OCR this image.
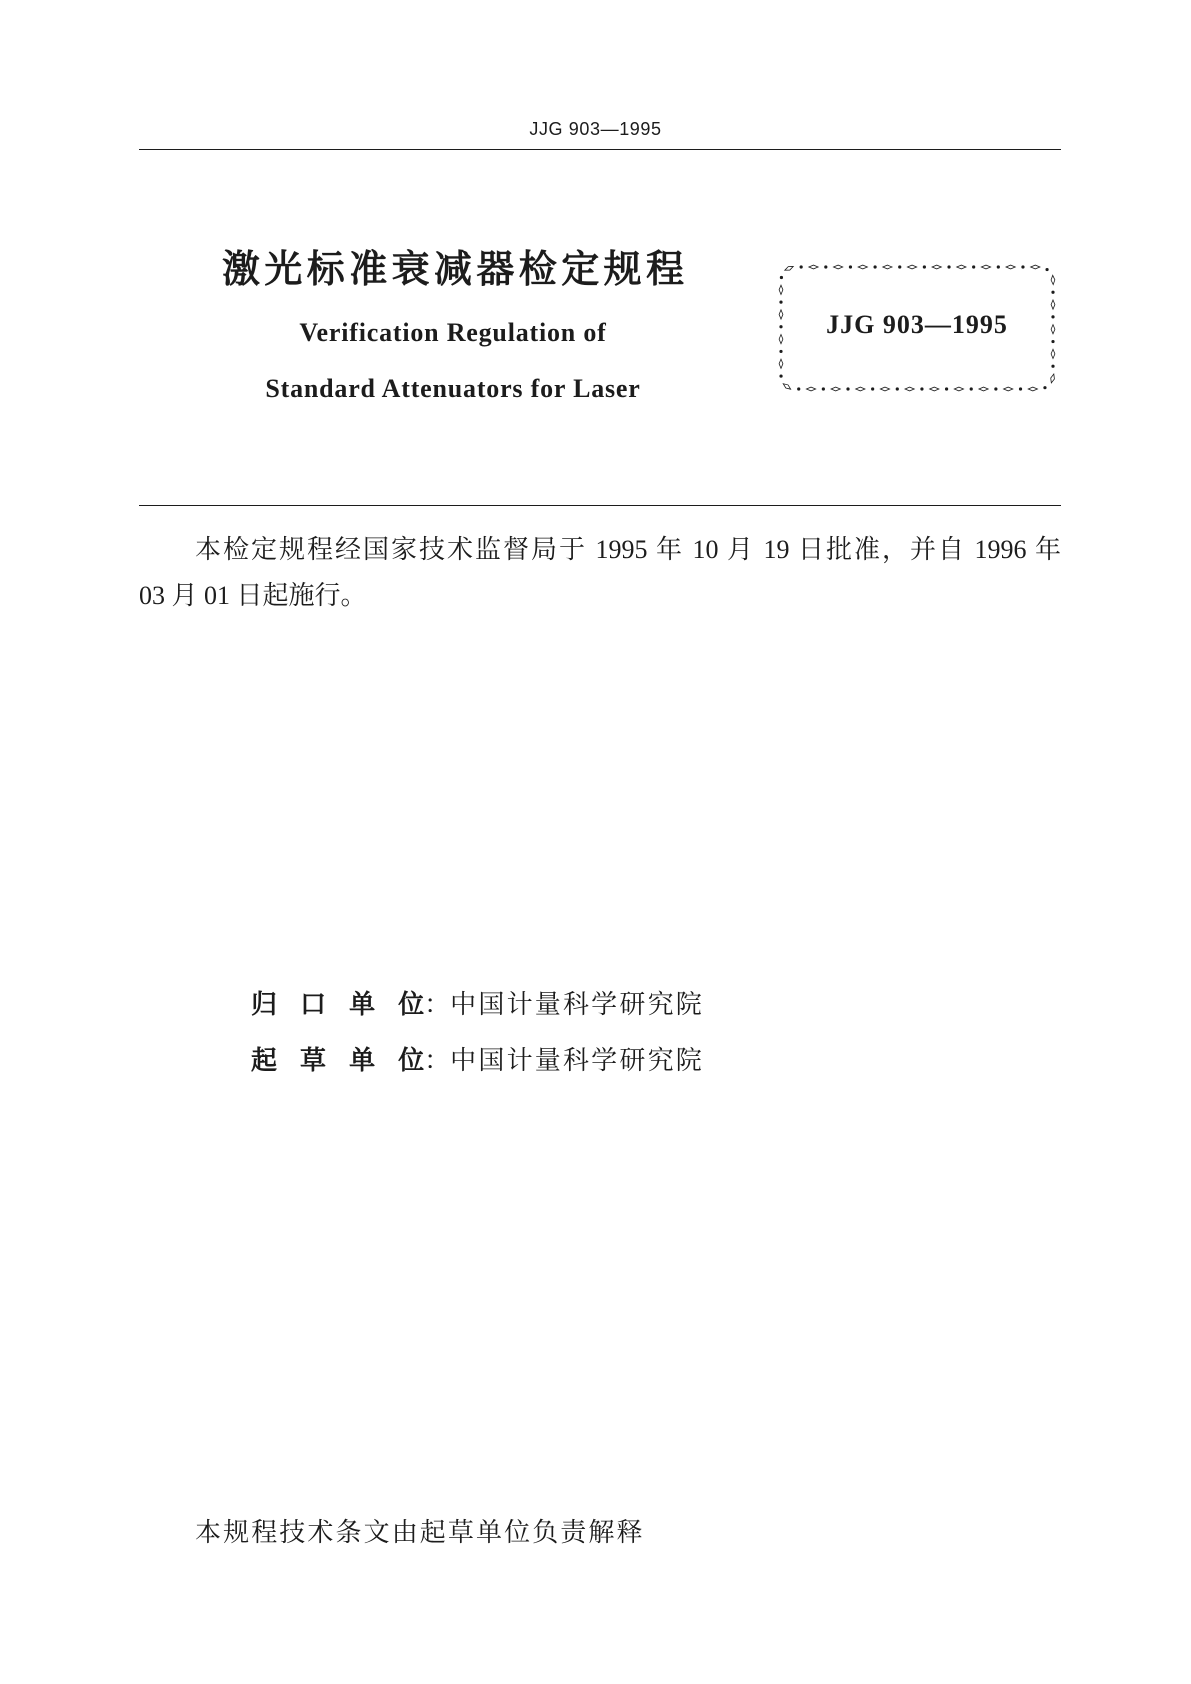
JJG 903—1995
激光标准衰减器检定规程
Verification Regulation of
Standard Attenuators for Laser
JJG 903—1995
本检定规程经国家技术监督局于 1995 年 10 月 19 日批准，并自 1996 年
03 月 01 日起施行。
归 口 单 位：中国计量科学研究院
起 草 单 位：中国计量科学研究院
本规程技术条文由起草单位负责解释
